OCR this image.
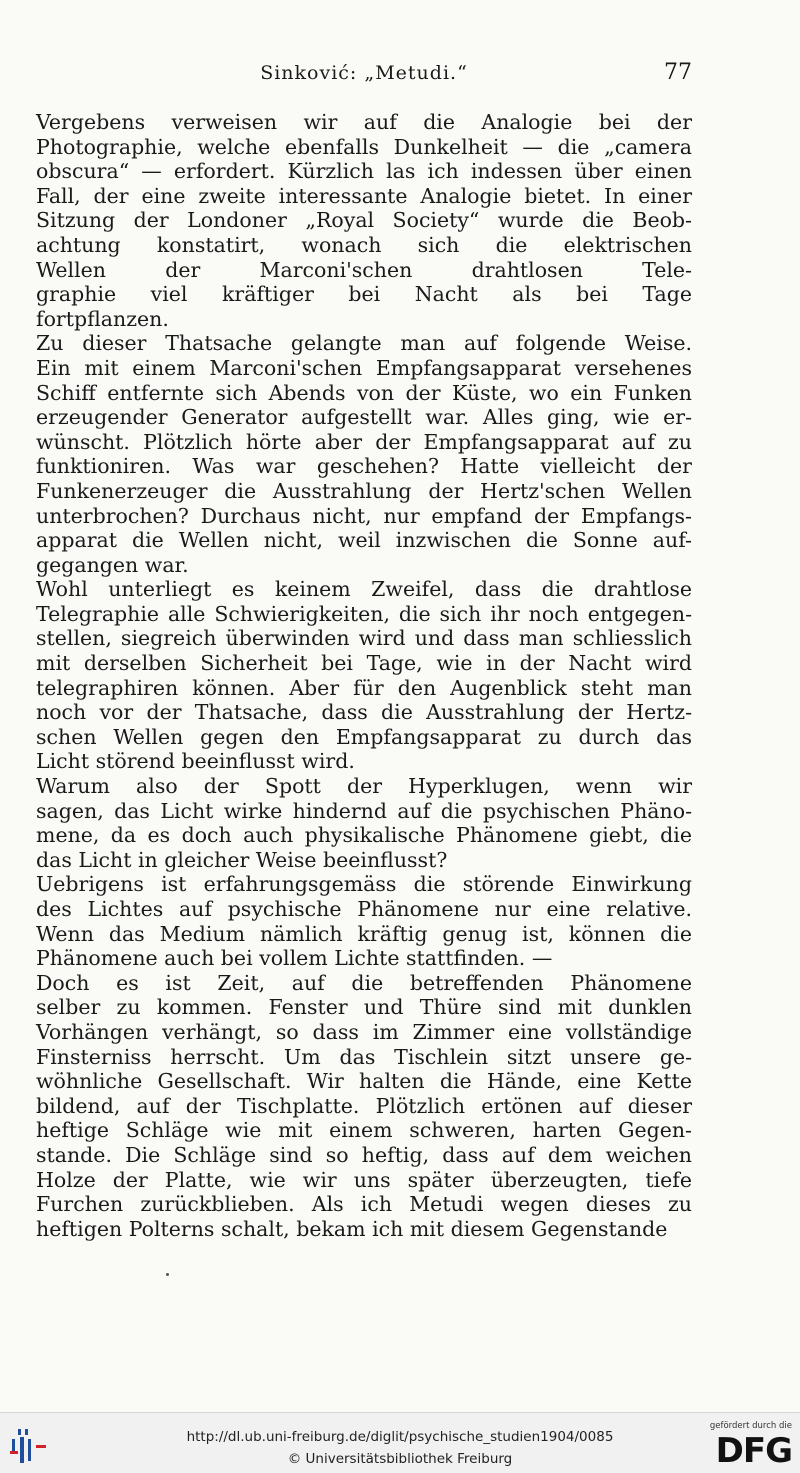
Sinković: „Metudi.“	77
Vergebens verweisen wir auf die Analogie bei der
Photographie, welche ebenfalls Dunkelheit — die „camera
obscura“ — erfordert. Kürzlich las ich indessen über einen
Fall, der eine zweite interessante Analogie bietet. In einer
Sitzung der Londoner „Royal Society“ wurde die Beob-
achtung konstatirt, wonach sich die elektrischen
Wellen der Marconi'schen drahtlosen Tele-
graphie viel kräftiger bei Nacht als bei Tage
fortpflanzen.
Zu dieser Thatsache gelangte man auf folgende Weise.
Ein mit einem Marconi'schen Empfangsapparat versehenes
Schiff entfernte sich Abends von der Küste, wo ein Funken
erzeugender Generator aufgestellt war. Alles ging, wie er-
wünscht. Plötzlich hörte aber der Empfangsapparat auf zu
funktioniren. Was war geschehen? Hatte vielleicht der
Funkenerzeuger die Ausstrahlung der Hertz'schen Wellen
unterbrochen? Durchaus nicht, nur empfand der Empfangs-
apparat die Wellen nicht, weil inzwischen die Sonne auf-
gegangen war.
Wohl unterliegt es keinem Zweifel, dass die drahtlose
Telegraphie alle Schwierigkeiten, die sich ihr noch entgegen-
stellen, siegreich überwinden wird und dass man schliesslich
mit derselben Sicherheit bei Tage, wie in der Nacht wird
telegraphiren können. Aber für den Augenblick steht man
noch vor der Thatsache, dass die Ausstrahlung der Hertz-
schen Wellen gegen den Empfangsapparat zu durch das
Licht störend beeinflusst wird.
Warum also der Spott der Hyperklugen, wenn wir
sagen, das Licht wirke hindernd auf die psychischen Phäno-
mene, da es doch auch physikalische Phänomene giebt, die
das Licht in gleicher Weise beeinflusst?
Uebrigens ist erfahrungsgemäss die störende Einwirkung
des Lichtes auf psychische Phänomene nur eine relative.
Wenn das Medium nämlich kräftig genug ist, können die
Phänomene auch bei vollem Lichte stattfinden. —
Doch es ist Zeit, auf die betreffenden Phänomene
selber zu kommen. Fenster und Thüre sind mit dunklen
Vorhängen verhängt, so dass im Zimmer eine vollständige
Finsterniss herrscht. Um das Tischlein sitzt unsere ge-
wöhnliche Gesellschaft. Wir halten die Hände, eine Kette
bildend, auf der Tischplatte. Plötzlich ertönen auf dieser
heftige Schläge wie mit einem schweren, harten Gegen-
stande. Die Schläge sind so heftig, dass auf dem weichen
Holze der Platte, wie wir uns später überzeugten, tiefe
Furchen zurückblieben. Als ich Metudi wegen dieses zu
heftigen Polterns schalt, bekam ich mit diesem Gegenstande
http://dl.ub.uni-freiburg.de/diglit/psychische_studien1904/0085
© Universitätsbibliothek Freiburg
gefördert durch die
DFG
